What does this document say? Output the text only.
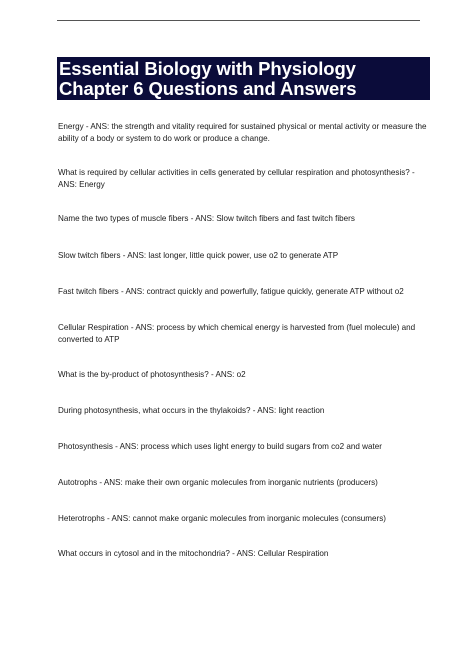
Essential Biology with Physiology
Chapter 6 Questions and Answers
Energy - ANS: the strength and vitality required for sustained physical or mental activity or measure the ability of a body or system to do work or produce a change.
What is required by cellular activities in cells generated by cellular respiration and photosynthesis? - ANS: Energy
Name the two types of muscle fibers - ANS: Slow twitch fibers and fast twitch fibers
Slow twitch fibers - ANS: last longer, little quick power, use o2 to generate ATP
Fast twitch fibers - ANS: contract quickly and powerfully, fatigue quickly, generate ATP without o2
Cellular Respiration - ANS: process by which chemical energy is harvested from (fuel molecule) and converted to ATP
What is the by-product of photosynthesis? - ANS: o2
During photosynthesis, what occurs in the thylakoids? - ANS: light reaction
Photosynthesis - ANS: process which uses light energy to build sugars from co2 and water
Autotrophs - ANS: make their own organic molecules from inorganic nutrients (producers)
Heterotrophs - ANS: cannot make organic molecules from inorganic molecules (consumers)
What occurs in cytosol and in the mitochondria? - ANS: Cellular Respiration
